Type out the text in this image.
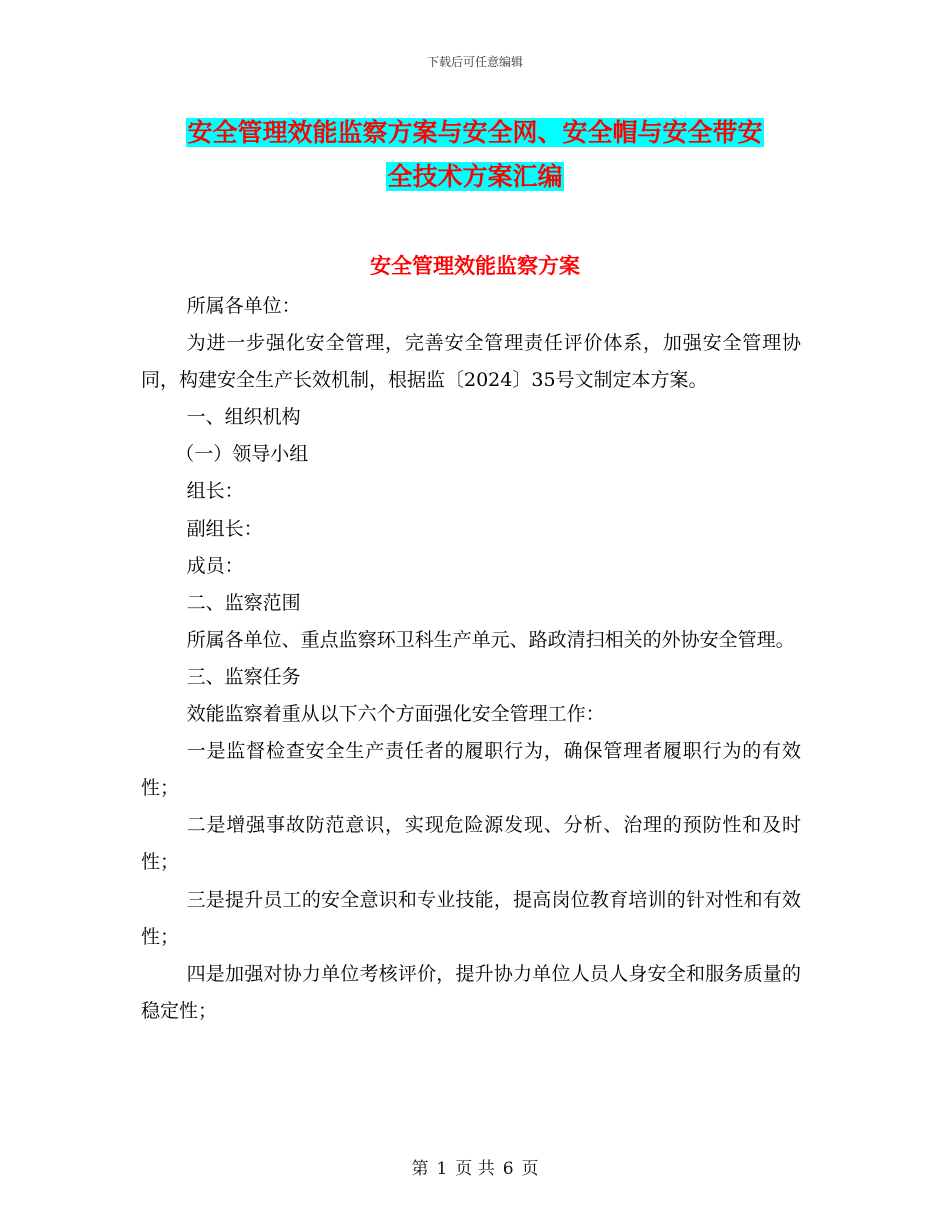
下载后可任意编辑
安全管理效能监察方案与安全网、安全帽与安全带安
全技术方案汇编
安全管理效能监察方案

所属各单位：

为进一步强化安全管理，完善安全管理责任评价体系，加强安全管理协同，构建安全生产长效机制，根据监〔2024〕35号文制定本方案。

一、组织机构

（一）领导小组

组长：

副组长：

成员：

二、监察范围

所属各单位、重点监察环卫科生产单元、路政清扫相关的外协安全管理。

三、监察任务

效能监察着重从以下六个方面强化安全管理工作：

一是监督检查安全生产责任者的履职行为，确保管理者履职行为的有效性；

二是增强事故防范意识，实现危险源发现、分析、治理的预防性和及时性；

三是提升员工的安全意识和专业技能，提高岗位教育培训的针对性和有效性；

四是加强对协力单位考核评价，提升协力单位人员人身安全和服务质量的稳定性；

第 1 页 共 6 页
